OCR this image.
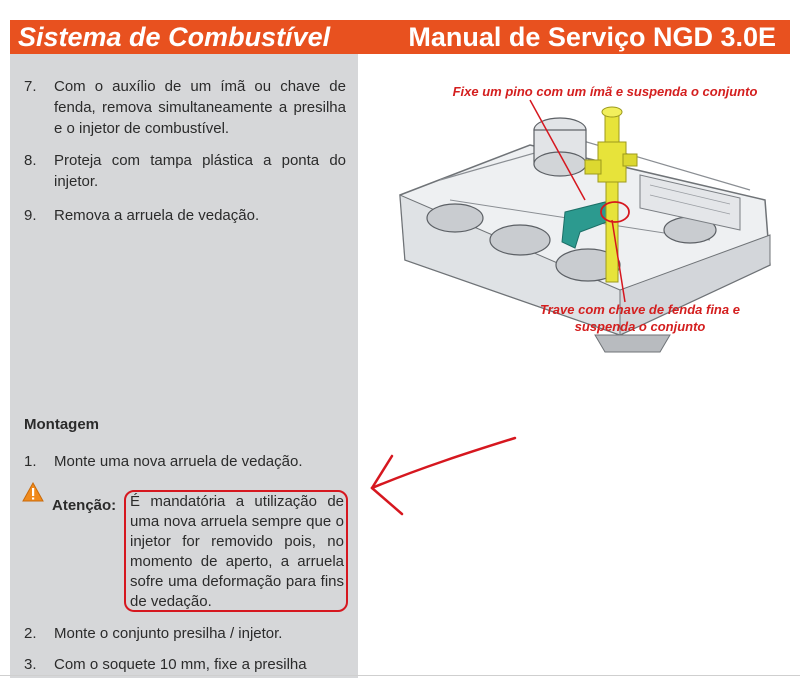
Sistema de Combustível	Manual de Serviço NGD 3.0E
7. Com o auxílio de um ímã ou chave de fenda, remova simultaneamente a presilha e o injetor de combustível.
8. Proteja com tampa plástica a ponta do injetor.
9. Remova a arruela de vedação.
Montagem
1. Monte uma nova arruela de vedação.
Atenção: É mandatória a utilização de uma nova arruela sempre que o injetor for removido pois, no momento de aperto, a arruela sofre uma deformação para fins de vedação.
2. Monte o conjunto presilha / injetor.
3. Com o soquete 10 mm, fixe a presilha
Fixe um pino com um ímã e suspenda o conjunto
Trave com chave de fenda fina e suspenda o conjunto
